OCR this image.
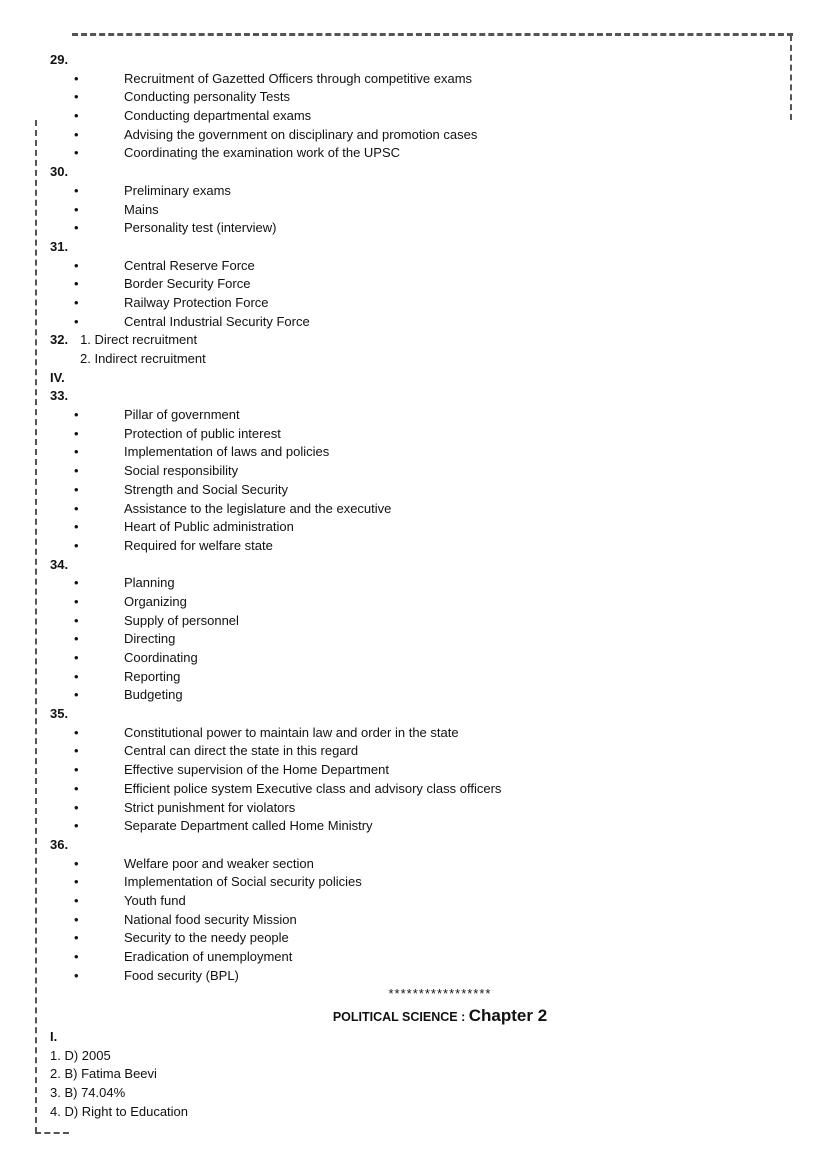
29.
•	Recruitment of Gazetted Officers through competitive exams
•	Conducting personality Tests
•	Conducting departmental exams
•	Advising the government on disciplinary and promotion cases
•	Coordinating the examination work of the UPSC
30.
•	Preliminary exams
•	Mains
•	Personality test (interview)
31.
•	Central Reserve Force
•	Border Security Force
•	Railway Protection Force
•	Central Industrial Security Force
32. 1. Direct recruitment
2. Indirect recruitment
IV.
33.
•	Pillar of government
•	Protection of public interest
•	Implementation of laws and policies
•	Social responsibility
•	Strength and Social Security
•	Assistance to the legislature and the executive
•	Heart of Public administration
•	Required for welfare state
34.
•	Planning
•	Organizing
•	Supply of personnel
•	Directing
•	Coordinating
•	Reporting
•	Budgeting
35.
•	Constitutional power to maintain law and order in the state
•	Central can direct the state in this regard
•	Effective supervision of the Home Department
•	Efficient police system Executive class and advisory class officers
•	Strict punishment for violators
•	Separate Department called Home Ministry
36.
•	Welfare poor and weaker section
•	Implementation of Social security policies
•	Youth fund
•	National food security Mission
•	Security to the needy people
•	Eradication of unemployment
•	Food security (BPL)
*****************
POLITICAL SCIENCE : Chapter 2
I.
1. D) 2005
2. B) Fatima Beevi
3. B) 74.04%
4. D) Right to Education
